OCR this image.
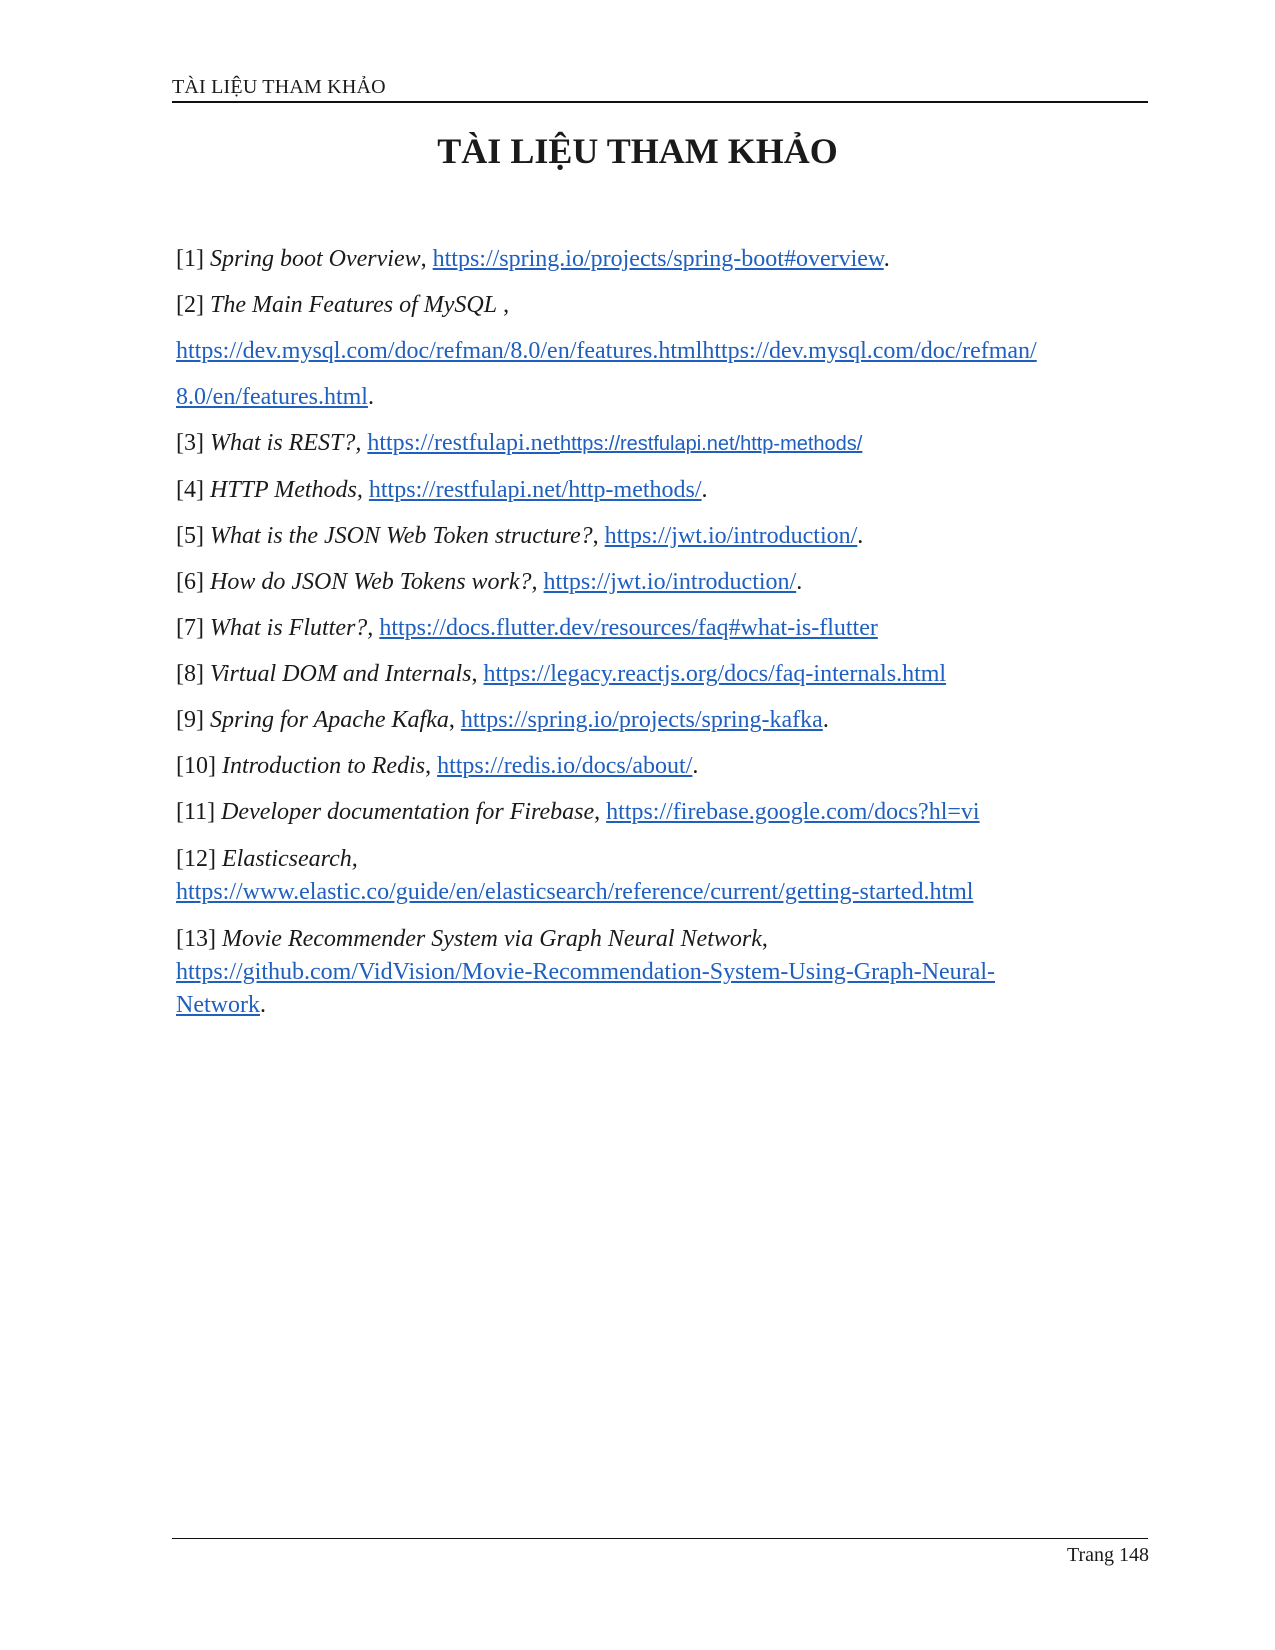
TÀI LIỆU THAM KHẢO
TÀI LIỆU THAM KHẢO

[1] Spring boot Overview, https://spring.io/projects/spring-boot#overview.

[2] The Main Features of MySQL ,
https://dev.mysql.com/doc/refman/8.0/en/features.htmlhttps://dev.mysql.com/doc/refman/
8.0/en/features.html.

[3] What is REST?, https://restfulapi.nethttps://restfulapi.net/http-methods/

[4] HTTP Methods, https://restfulapi.net/http-methods/.

[5] What is the JSON Web Token structure?, https://jwt.io/introduction/.

[6] How do JSON Web Tokens work?, https://jwt.io/introduction/.

[7] What is Flutter?, https://docs.flutter.dev/resources/faq#what-is-flutter

[8] Virtual DOM and Internals, https://legacy.reactjs.org/docs/faq-internals.html

[9] Spring for Apache Kafka, https://spring.io/projects/spring-kafka.

[10] Introduction to Redis, https://redis.io/docs/about/.

[11] Developer documentation for Firebase, https://firebase.google.com/docs?hl=vi

[12] Elasticsearch,
https://www.elastic.co/guide/en/elasticsearch/reference/current/getting-started.html

[13] Movie Recommender System via Graph Neural Network,
https://github.com/VidVision/Movie-Recommendation-System-Using-Graph-Neural-
Network.

Trang 148
